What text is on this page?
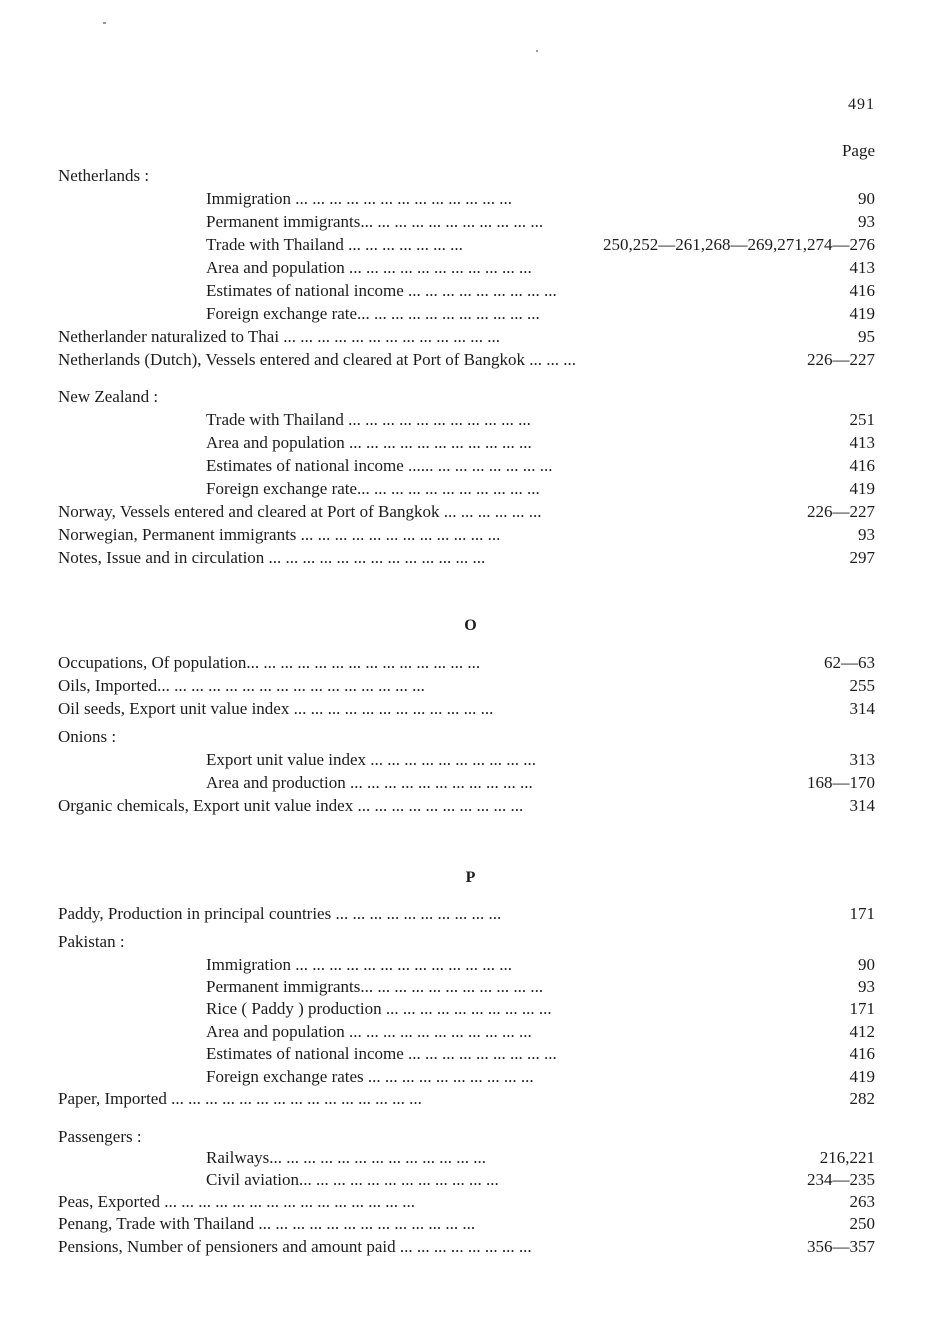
491
Page
Netherlands :
Immigration ... ... ... ... ... ... ... ... ... ... ... ... ...	90
Permanent immigrants... ... ... ... ... ... ... ... ... ... ...	93
Trade with Thailand ... ... ... ... ... ... ...	250,252—261,268—269,271,274—276
Area and population ... ... ... ... ... ... ... ... ... ... ...	413
Estimates of national income ... ... ... ... ... ... ... ... ...	416
Foreign exchange rate... ... ... ... ... ... ... ... ... ... ...	419
Netherlander naturalized to Thai ... ... ... ... ... ... ... ... ... ... ... ... ...	95
Netherlands (Dutch), Vessels entered and cleared at Port of Bangkok ... ... ...	226—227
New Zealand :
Trade with Thailand ... ... ... ... ... ... ... ... ... ... ...	251
Area and population ... ... ... ... ... ... ... ... ... ... ...	413
Estimates of national income ...... ... ... ... ... ... ... ...	416
Foreign exchange rate... ... ... ... ... ... ... ... ... ... ...	419
Norway, Vessels entered and cleared at Port of Bangkok ... ... ... ... ... ...	226—227
Norwegian, Permanent immigrants ... ... ... ... ... ... ... ... ... ... ... ...	93
Notes, Issue and in circulation ... ... ... ... ... ... ... ... ... ... ... ... ...	297
O
Occupations, Of population... ... ... ... ... ... ... ... ... ... ... ... ... ...	62—63
Oils, Imported... ... ... ... ... ... ... ... ... ... ... ... ... ... ... ...	255
Oil seeds, Export unit value index ... ... ... ... ... ... ... ... ... ... ... ...	314
Onions :
Export unit value index ... ... ... ... ... ... ... ... ... ...	313
Area and production ... ... ... ... ... ... ... ... ... ... ...	168—170
Organic chemicals, Export unit value index ... ... ... ... ... ... ... ... ... ...	314
P
Paddy, Production in principal countries ... ... ... ... ... ... ... ... ... ...	171
Pakistan :
Immigration ... ... ... ... ... ... ... ... ... ... ... ... ...	90
Permanent immigrants... ... ... ... ... ... ... ... ... ... ...	93
Rice ( Paddy ) production ... ... ... ... ... ... ... ... ... ...	171
Area and population ... ... ... ... ... ... ... ... ... ... ...	412
Estimates of national income ... ... ... ... ... ... ... ... ...	416
Foreign exchange rates ... ... ... ... ... ... ... ... ... ...	419
Paper, Imported ... ... ... ... ... ... ... ... ... ... ... ... ... ... ...	282
Passengers :
Railways... ... ... ... ... ... ... ... ... ... ... ... ...	216,221
Civil aviation... ... ... ... ... ... ... ... ... ... ... ...	234—235
Peas, Exported ... ... ... ... ... ... ... ... ... ... ... ... ... ... ...	263
Penang, Trade with Thailand ... ... ... ... ... ... ... ... ... ... ... ... ...	250
Pensions, Number of pensioners and amount paid ... ... ... ... ... ... ... ...	356—357
